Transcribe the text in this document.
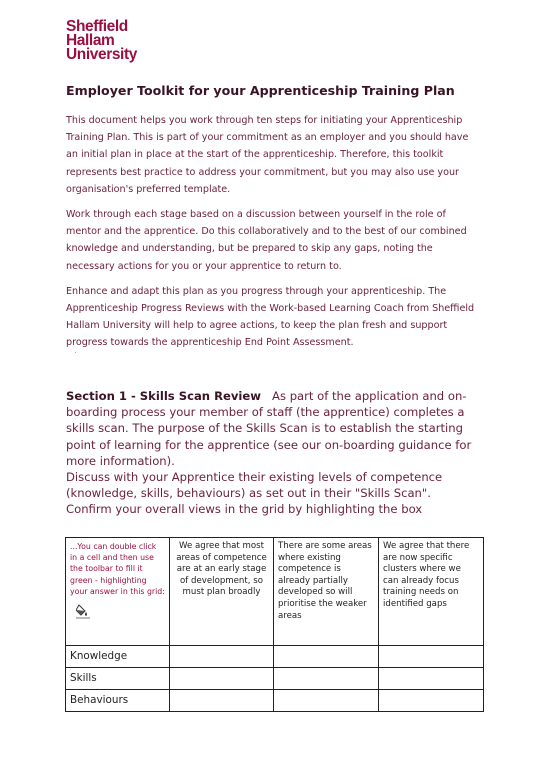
Sheffield
Hallam
University
Employer Toolkit for your Apprenticeship Training Plan

This document helps you work through ten steps for initiating your Apprenticeship Training Plan. This is part of your commitment as an employer and you should have an initial plan in place at the start of the apprenticeship. Therefore, this toolkit represents best practice to address your commitment, but you may also use your organisation's preferred template.

Work through each stage based on a discussion between yourself in the role of mentor and the apprentice. Do this collaboratively and to the best of our combined knowledge and understanding, but be prepared to skip any gaps, noting the necessary actions for you or your apprentice to return to.

Enhance and adapt this plan as you progress through your apprenticeship. The Apprenticeship Progress Reviews with the Work-based Learning Coach from Sheffield Hallam University will help to agree actions, to keep the plan fresh and support progress towards the apprenticeship End Point Assessment.

Section 1 - Skills Scan Review As part of the application and on-boarding process your member of staff (the apprentice) completes a skills scan. The purpose of the Skills Scan is to establish the starting point of learning for the apprentice (see our on-boarding guidance for more information).

Discuss with your Apprentice their existing levels of competence (knowledge, skills, behaviours) as set out in their "Skills Scan".

Confirm your overall views in the grid by highlighting the box

...You can double click in a cell and then use the toolbar to fill it green - highlighting your answer in this grid:	We agree that most areas of competence are at an early stage of development, so must plan broadly	There are some areas where existing competence is already partially developed so will prioritise the weaker areas	We agree that there are now specific clusters where we can already focus training needs on identified gaps
Knowledge			
Skills			
Behaviours			
